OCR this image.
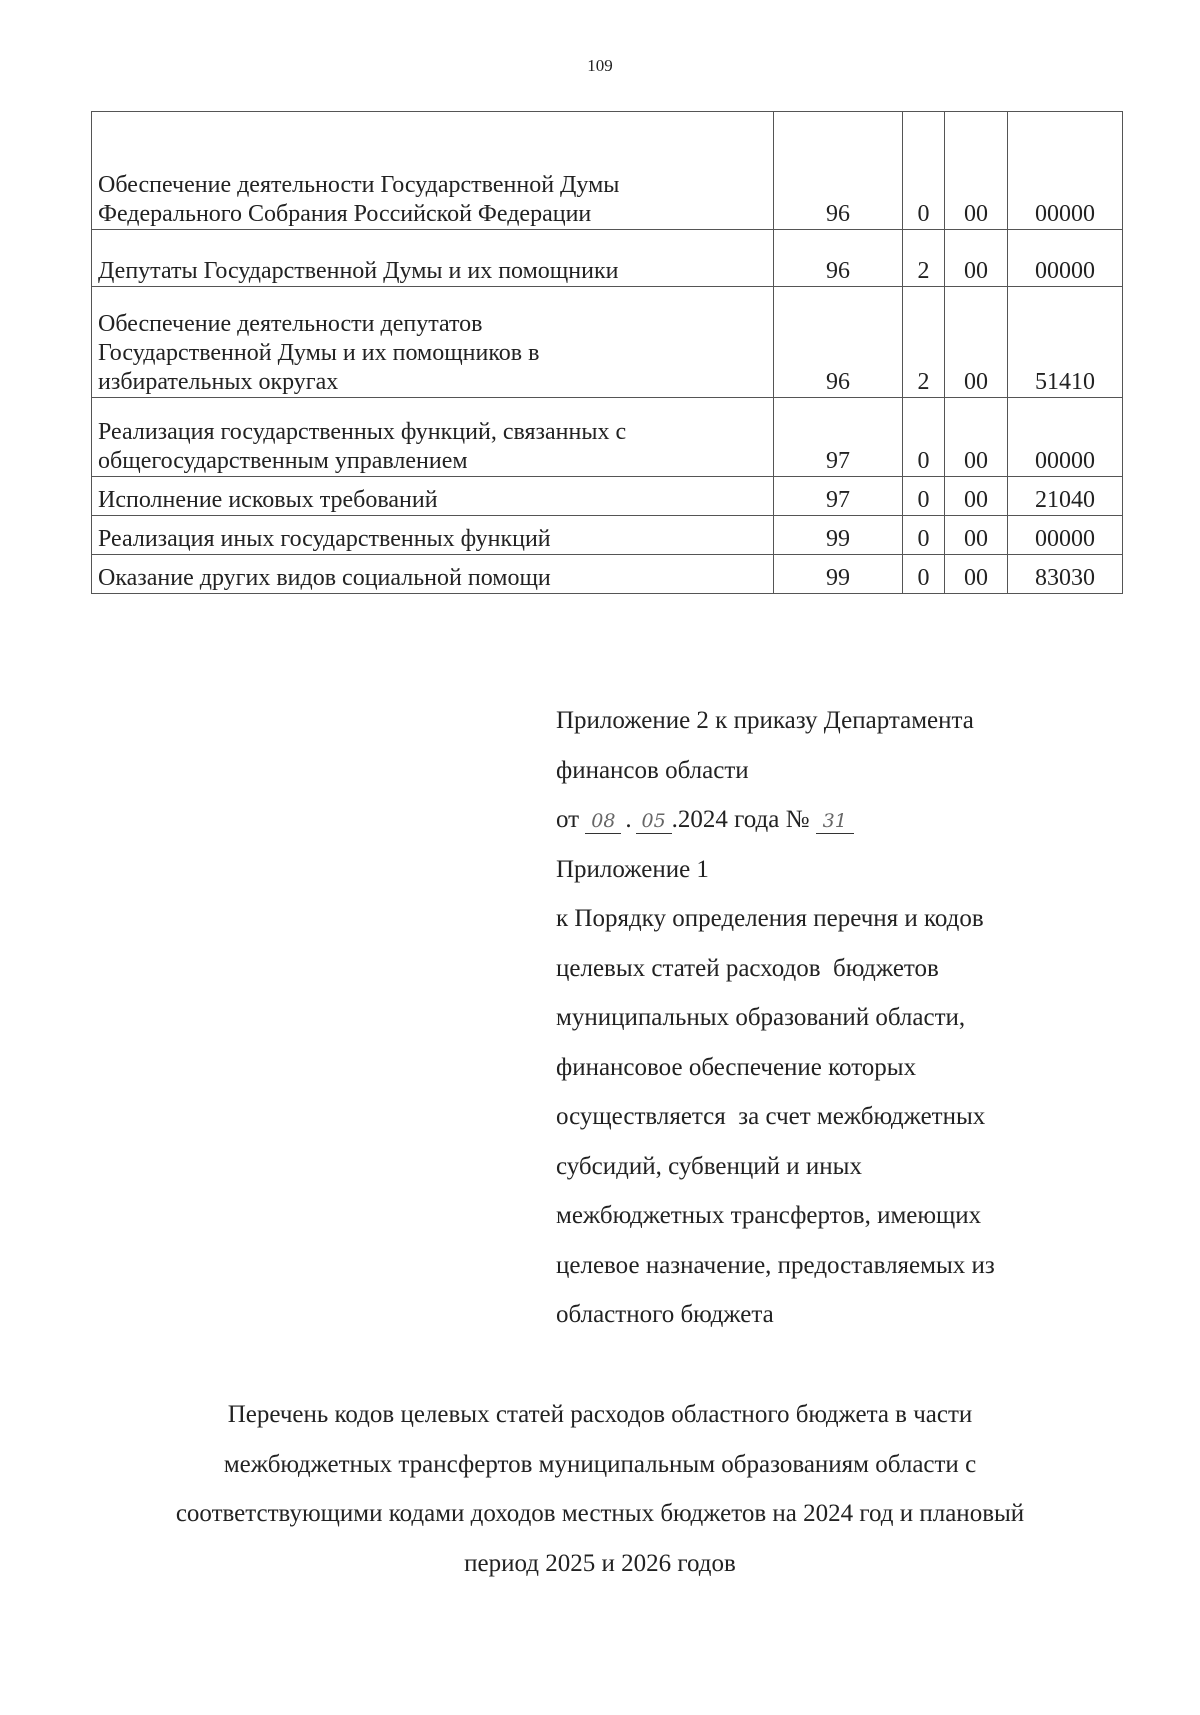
109
Обеспечение деятельности Государственной Думы
Федерального Собрания Российской Федерации	96	0	00	00000

Депутаты Государственной Думы и их помощники	96	2	00	00000

Обеспечение деятельности депутатов
Государственной Думы и их помощников в
избирательных округах	96	2	00	51410

Реализация государственных функций, связанных с
общегосударственным управлением	97	0	00	00000

Исполнение исковых требований	97	0	00	21040

Реализация иных государственных функций	99	0	00	00000

Оказание других видов социальной помощи	99	0	00	83030
Приложение 2 к приказу Департамента
финансов области
от 08 . 05 .2024 года № 31
Приложение 1
к Порядку определения перечня и кодов
целевых статей расходов  бюджетов
муниципальных образований области,
финансовое обеспечение которых
осуществляется  за счет межбюджетных
субсидий, субвенций и иных
межбюджетных трансфертов, имеющих
целевое назначение, предоставляемых из
областного бюджета
Перечень кодов целевых статей расходов областного бюджета в части
межбюджетных трансфертов муниципальным образованиям области с
соответствующими кодами доходов местных бюджетов на 2024 год и плановый
период 2025 и 2026 годов
